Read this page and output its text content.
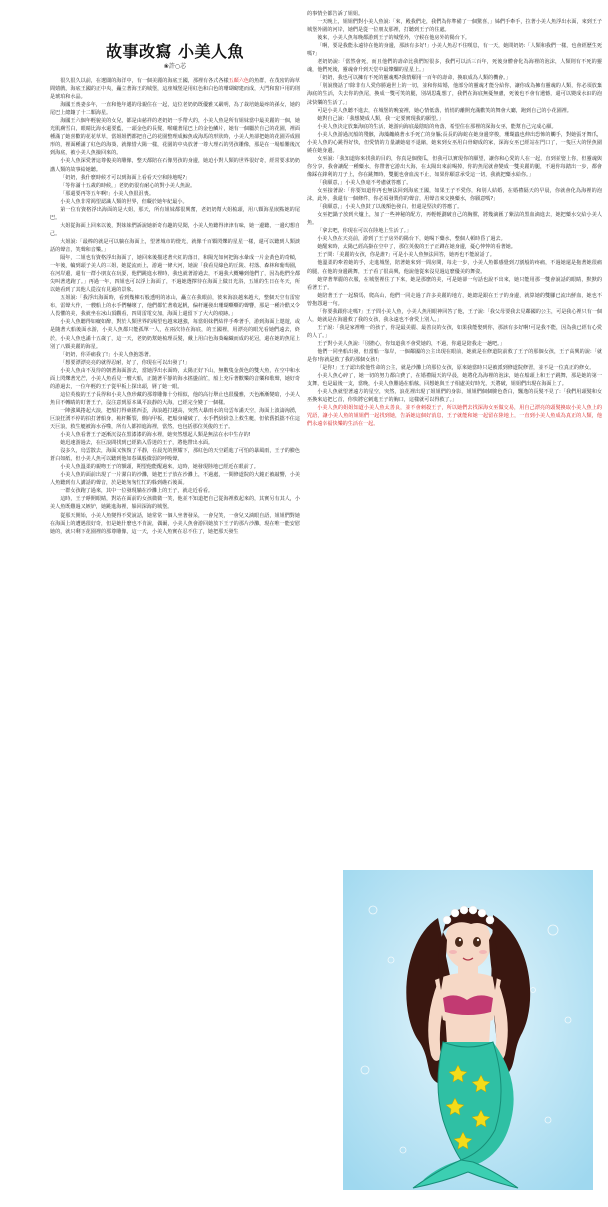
故事改寫 小美人魚
❀許○芯

很久很久以前，在遼闊的海洋中，有一個美麗的海底王國，那裡有各式各樣五顏六色的魚群，在茂密的海草間嬉戲，海底王國的正中央，矗立著海王的城堡，這座城堡是用紅色和白色的珊瑚砌建而成，大門和窗戶用的則是琥珀和水晶。

海國王喪妻多年，一直和他年邁的母親住在一起，這位老奶奶既優雅又嚴明，為了栽培她最疼的孫女，她的尾巴上總鑲了十二顆海星。

海國王六個年輕貌美的女兒，都是由慈祥的老奶奶一手帶大的，小美人魚是所有姐妹當中最美麗的一個，她光肌膚雪白，眼睛比海水還要藍，一頭金色的長髮，喉嚨著尾巴上的金色鱗片，她有一個屬於自己的花園，裡面種滿了她喜歡的花花草草，當姐姐們都把自己的花園整理成鯨魚或海馬的形狀時，小美人魚卻把她的花園弄成圓形的，裡面種滿了紅色的海葵，就像惜大陽一樣，花園的中央放著一尊大理石的男孩雕像，那是在一場船難後沉到海底，被小美人魚撿回來的。

小美人魚深愛著這尊俊美的雕像，整天都陪在石像男孩的身邊，她迫小對人類的世界很好奇，經常要求奶奶講人類的故事給她聽。

「奶奶，我什麼時候才可以到海面上看看天空和陸地呢?」

「等你滿十五歲的時候，」老奶奶很有耐心的對小美人魚說。

「那還要再等五年啊!」小美人魚很沮喪。

小美人魚非常渴望認識人類的世界，但礙於她年紀最小。

第一位有資格浮出海面的是大姐，那天，所有姐妹都很興奮，老奶奶幫大姐梳頭，用八顆海星嵌點她的尾巴。

大姐從海面上回來以後，對妹妹們訴說她新奇有趣的見聞，小美人魚聽得津津有味，她一邊聽，一邊幻想自己。

大姐說:「最棒的就是可以躺在海面上，望著城市的燈光，就像千百顆閃爍的星星一樣，還可以聽到人類談話的聲音，笑聲和音樂。」

隔年，二姐也有資格浮出海面了，她回來後描述著火紅的落日，和陽光如何把海水暈成一片金黃色的奇幀，一年後，輪到頭子美人的三姐，她從流而上，游過一條大河，她說「我看見綠色的丘陵、村落、森林和葡萄園，在河岸邊，還有一群小朋友在玩耍，他們跳進水裡時，我也就著游過去，不過我大概嚇到他們了，因為他們全都尖叫著逃跑了。」再過一年，四姐也可以浮上海面了，不過她選擇待在海面上做日光浴，五姐的生日在冬天，所以她看到了其他人從沒有見過的景象。

五姐說:「我浮出海面時，看到幾棟石般透明的冰山，矗立在我眼前，彼來海浪越來越大，整個天空有雷密布，雷聲大作，一艘船上的水手們嚇壞了，他們都忙著收起帆，偏杆邏發出珊瑚嘶嘶的聲響，那是一種冷酷又令人畏懼的美，我就坐在冰山頂觀看，四周雷電交加，海面上還留下了大大的痕跡。」

小美人魚聽得如癡如醉，對於人類世界的渴望也越來越強，每當姐妹們結伴手牽著手，游到海面上遨遊，或是隨著大船後面水游，小美人魚都只能孤單一人，在兩次待在海底，的王國裡，用漂亮的眼光看她們遠去，終於，小美人魚也滿十五歲了，這一天，老奶奶幫她梳理長髮，戴上用白色海葵編織而成的花冠，還在她的魚尾上別了八顆美麗的海星。

「奶奶，你弄痛我了!」小美人魚抱怨著。

「想要漂漂亮亮的就得忍耐，好了，你現在可以出發了!」

小美人魚由不及待的朝著海面游去，當她浮出水面時，太陽正好下山，無數隻金黃色的雙大魚，在空中和水面上閃爍著光芒，小美人魚看見一艘大船，正隨著平靜的海水搖盪前忙，船上充斥著歡樂的音樂和歌聲，她好奇的游過去，一位年輕的王子從甲板上探出頭，脣了她一眼。

這位英俊的王子長得和小美人魚珍藏的那尊雕像十分相似，他的高行舉止也很優雅，天色漸漸變暗，小美人魚目不轉睛的盯著王子，沒注意到原本風平浪靜的大海，已經完全變了一個樣。

一陣強風捲起大浪，把船打得東搖西歪，海浪越打越高，突然大暴雨水的烏雲布滿天空，海面上波濤洶湧，巨浪狂湧不停的拍打著船身，桅杆斷裂，側向甲板，把船身碰破了，水手們紛紛急上救生艇，但依舊抵擋不住這天巨浪，救生艇被海水吞噬，所有人都掉進海裡，當然，也包括那位英俊的王子。

小美人魚看著王子逐漸沉沒在黑漆漆的海水裡，她突然想起人類是無法在水中生存的!

她迅速游過去，在巨浪間找到已經陷入昏迷的王子，將他帶出水面。

沒多久，烏雲散去，海面又恢復了平靜，在晨光的照耀下，那紅色的天空蹈進了可怕的暴風雨，王子的臉色蒼白如紙，但小美人魚可以聽到他如春風般微弱的呼吸聲。

小美人魚溫柔的親吻王子的額頭，期望他能醒過來，這時，她發現陸地已經近在眼前了。

小美人魚的面前出現了一片潔白的沙灘，她把王子放在沙灘上，不過處，一間修道院的大鐘正被敲響，小美人魚聽到有人講話的聲音，於是她匆匆忙忙的躲到礁石後面。

一群女孩跑了過來，其中一位發現躺在沙灘上的王子，就走近看看。

這時，王子睜開眼睛，對站在面前的女孩微微一笑，他並不知道把自己從海裡救起來的，其實另有其人，小美人魚既難過又嫉妒，她跳進海裡，躲回深海的城堡。

從那天開始，小美人魚變得不愛說話，她常常一個人坐著發呆，一會兒笑，一會兒又淌眼自語，姐姐們對她在海面上的遭遇很好奇，但是她什麼也不肯說，偶爾，小美人魚會游回她放下王子的那片沙灘，現在唯一能安慰她的，就只剩下花園裡的那尊雕像，這一天，小美人魚實在忍不住了，她把那天發生

的事情全都告訴了姐姐。

一天晚上，姐姐們對小美人魚說:「來，殿我們走，我們為你準備了一個驚喜，」姊們手牽手，拉著小美人魚浮出水面，來到王子城堡外圍的河岸，她們是從一位朋友那裡，打聽到王子的住處。

後來，小美人魚每晚都游到王子的城堡外，守候在他房外的陽台下。

「啊，要是我能永遠待在他的身邊，那該有多好!」小美人魚忍不住嘆息，有一天，她問奶奶:「人類和我們一樣，也會經歷生死嗎?」

老奶奶說:「當然會死，而且他們的壽命比我們短很多，我們可以活三百年，死後身體會化為海裡的泡沫，人類則有不死的靈魂，他們死後，靈魂會升到天堂中最燦爛的星星上。」

「奶奶，我也可以擁有不死的靈魂嗎?我情願用一百年的壽命，換取成為人類的機會。」

「別說傻話了!除非有人愛你勝過世上的一切，並和你結婚，他部分的靈魂才能分給你，讓你成為擁有靈魂的人類，你必須放棄海底的生活，失去你的魚尾，換成一雙可笑的腿，別胡思亂想了，我們在海底無憂無慮，死後也不會有遺憾，還可以變成水汩的泡沫快樂的生活了。」

可是小美人魚聽不進去，在城堡的晚宴裡，她心情低落，悄悄的離開充滿歡笑的舞會大廳，跑到自己的小花園裡。

她對自己說:「我想變成人類，我一定要實現我的願望。」

小美人魚決定放棄海底的生活，她游向海底最陰暗的角落，希望住在那裡的深海女巫，能幫自己完成心願。

小美人魚游過沉船的殘骸，海藻纏繞著水手死亡的身軀;長長的海蛇在她身邊穿梭，珊瑚蟲也伸出恐怖的觸手，對她張牙舞爪，小美人魚的心跳得好快，但愛情的力量讓她毫不退縮，她來到女巫用白骨砌成的家，深海女巫已經站在門口了，一隻巨大的怪魚圍繞在她身邊。

女巫說:「我知道妳來找我的目的，你真是個傻瓜，但我可以實現你的願望，讓你和心愛的人在一起，直到並娶上你，但靈魂與你分享，我會讓配一種藥水，你帶著它游出大海，在太陽出來前喝掉，你的魚尾就會變成一雙美麗的腿，不過你每踏出一步，都會像踩在鋒利的刀子上，你在跳舞時，雙腿也會血流不止，如果你願意承受這一切，我就把藥水給你。」

「我願意，」小美人魚毫不考慮就答應了。

女巫接著說:「你要知道你再也無法回到海底王國，如果王子不愛你，和別人結婚，在婚禮隔天的早晨，你就會化為海裡的泡沫，此外，我還有一個條件，你必須發獎你的聲音，用聲音來交換藥水，你願意嗎?」

「我願意，」小美人魚鼓了以後額色發白，但還是堅決的答應了。

女巫把鍋子放到火爐上，加了一些神秘的配方，再輕輕劃破自己的胸膛，將幾滴匯了紫法的黑血滴進去，她把藥水交給小美人魚。

「拿去吧，你現在可以在陸地上生活了。」

小美人魚在天亮前，游到了王子房外的陽台下，她喝下藥水，整個人頓時昏了過去。

她醒來時，太陽已經高掛在空中了，那位英俊的王子正蹲在她身邊，憂心忡忡的看著她。

王子問:「美麗的女孩，你是誰?」可是小美人魚無法回答，她再也不能說話了。

他溫柔的牽着她的手，走進城堡，陪著她來到一間房間，每走一步，小美人魚都感覺到刀割般的疼痛，不過她還是拖著她很痛的腿，在他的身邊跳舞，王子看了很高興，他說他從來沒見過這麼優美的舞姿。

她穿著華麗的衣服，在城堡裡住了下來，她是那麼的美，可是她卻一句話也說不出來，她只能用那一雙會說話的眼睛，默默的看著王子。

她陪著王子一起騎馬，爬高山，他們一同走過了許多美麗的地方，她總是跟在王子的身邊，就算她的雙腳已流出鮮血，她也不曾抱怨過一句。

「你要我跟你走嗎?」王子問小美人魚，小美人魚用眼神回答了他，王子說:「我父母要我去見鄰國的公主，可是我心裡只有一個人，她就是在海邊救了我的女孩，我永遠也不會愛上別人。」

王子說:「我是家裡唯一的孩子，你是最美麗、最善良的女孩，如果我能娶到你，那該有多好啊!可是我不能，因為我已經有心愛的人了。」

王子對小美人魚說:「別擔心，你知道我不會愛她的，不過，你還是陪我走一趟吧。」

他們一同坐船出發，但當船一靠岸，一個鄰國的公主出現在眼前，她就是在修道院前救了王子的那個女孩，王子高興的說:「就是你!你就是救了我的那個女孩!」

「是你!」王子認出救他性命的公主，就是沙灘上的那位女孩，原來她當時只是被派到修道院修習，並不是一位真正的修女。

小美人魚心碎了，她一切的努力都白費了，在婚禮隔天的早晨，她將化為海裡的泡沫，她在船頭上和王子跳舞，那是她的第一支舞，也是最後一支，當晚，小美人魚難過在船舷，回想她與王子相處美好時光，天將破，姐姐們出現在海面上了。

小美人魚就望著遠方的星空，突然，浪花裡出現了姐姐們的身影，姐姐們個個臉色蒼白，飄逸的長髮不見了:「我們用頭髮和女巫換來這把匕首，你快將它刺進王子的胸口，這樣就可以得救了。」

小美人魚的姐姐知道小美人魚太善良，並不會刺殺王子，所以她們去找深海女巫做交易，用自己漂亮的頭髮換取小美人魚上的咒語，讓小美人魚的姐姐們一起找到她，告訴她這個好消息，王子就能和她一起留在陸地上，一直到小美人魚成為真正的人類，他們永遠幸福快樂的生活在一起。
